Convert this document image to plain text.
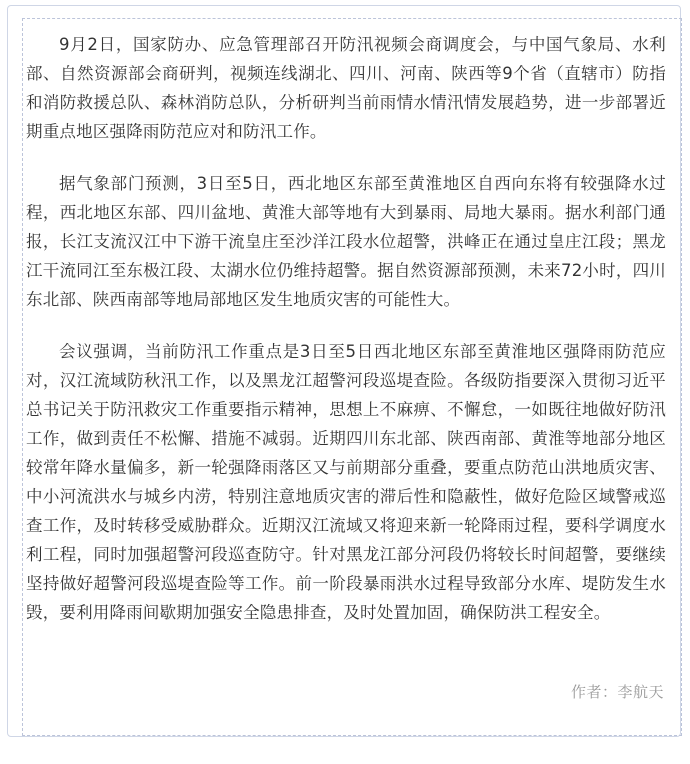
9月2日，国家防办、应急管理部召开防汛视频会商调度会，与中国气象局、水利部、自然资源部会商研判，视频连线湖北、四川、河南、陕西等9个省（直辖市）防指和消防救援总队、森林消防总队，分析研判当前雨情水情汛情发展趋势，进一步部署近期重点地区强降雨防范应对和防汛工作。

据气象部门预测，3日至5日，西北地区东部至黄淮地区自西向东将有较强降水过程，西北地区东部、四川盆地、黄淮大部等地有大到暴雨、局地大暴雨。据水利部门通报，长江支流汉江中下游干流皇庄至沙洋江段水位超警，洪峰正在通过皇庄江段；黑龙江干流同江至东极江段、太湖水位仍维持超警。据自然资源部预测，未来72小时，四川东北部、陕西南部等地局部地区发生地质灾害的可能性大。

会议强调，当前防汛工作重点是3日至5日西北地区东部至黄淮地区强降雨防范应对，汉江流域防秋汛工作，以及黑龙江超警河段巡堤查险。各级防指要深入贯彻习近平总书记关于防汛救灾工作重要指示精神，思想上不麻痹、不懈怠，一如既往地做好防汛工作，做到责任不松懈、措施不减弱。近期四川东北部、陕西南部、黄淮等地部分地区较常年降水量偏多，新一轮强降雨落区又与前期部分重叠，要重点防范山洪地质灾害、中小河流洪水与城乡内涝，特别注意地质灾害的滞后性和隐蔽性，做好危险区域警戒巡查工作，及时转移受威胁群众。近期汉江流域又将迎来新一轮降雨过程，要科学调度水利工程，同时加强超警河段巡查防守。针对黑龙江部分河段仍将较长时间超警，要继续坚持做好超警河段巡堤查险等工作。前一阶段暴雨洪水过程导致部分水库、堤防发生水毁，要利用降雨间歇期加强安全隐患排查，及时处置加固，确保防洪工程安全。

作者：李航天
